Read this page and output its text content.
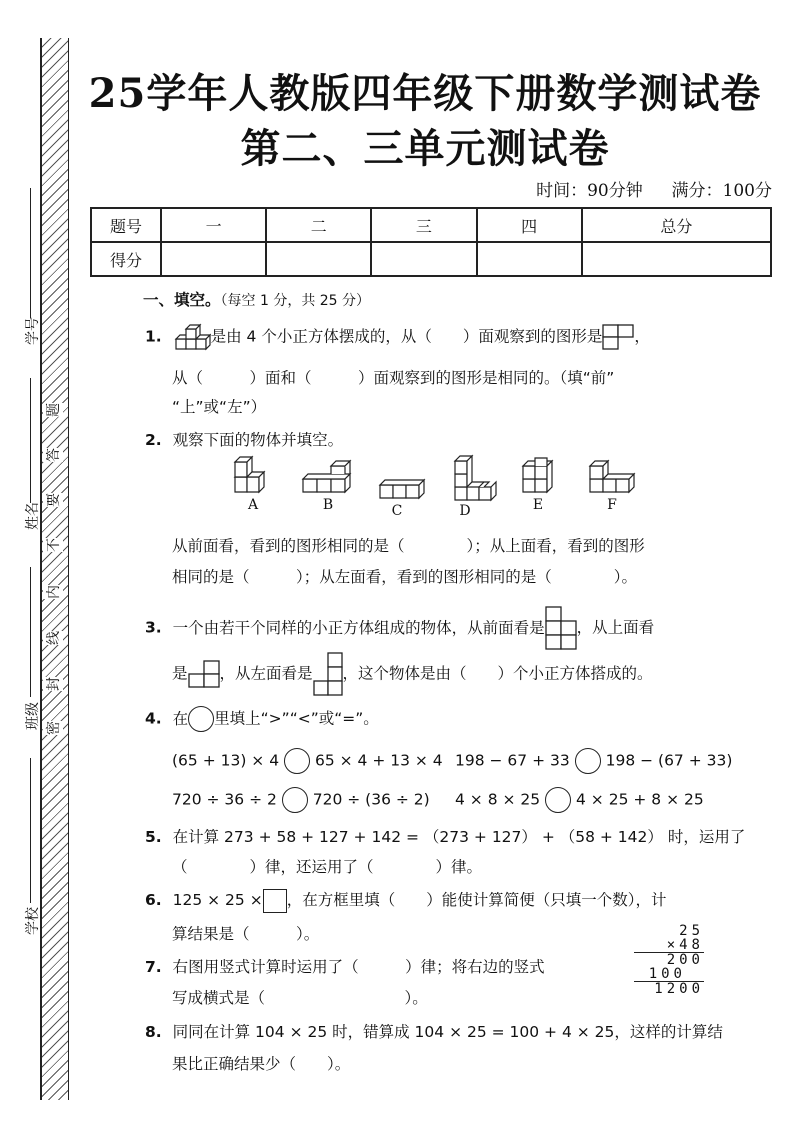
学号
姓名
班级
学校
题
答
要
不
内
线
封
密
25学年人教版四年级下册数学测试卷
第二、三单元测试卷
时间：90分钟 满分：100分
题号	一	二	三	四	总分
得分					
一、填空。（每空 1 分，共 25 分）
1.	是由 4 个小正方体摆成的，从（　　）面观察到的图形是 ，
从（　　　）面和（　　　）面观察到的图形是相同的。（填“前”
“上”或“左”）
2. 观察下面的物体并填空。
A	B	C	D	E	F
从前面看，看到的图形相同的是（　　　　）；从上面看，看到的图形
相同的是（　　　）；从左面看，看到的图形相同的是（　　　　）。
3. 一个由若干个同样的小正方体组成的物体，从前面看是 ，从上面看
是 ，从左面看是 ，这个物体是由（　　）个小正方体搭成的。
4. 在 里填上“>”“<”或“=”。
(65 + 13) × 4 65 × 4 + 13 × 4 198 − 67 + 33 198 − (67 + 33)
720 ÷ 36 ÷ 2 720 ÷ (36 ÷ 2) 4 × 8 × 25 4 × 25 + 8 × 25
5. 在计算 273 + 58 + 127 + 142 = （273 + 127） + （58 + 142） 时，运用了
（　　　　）律，还运用了（　　　　）律。
6. 125 × 25 × ，在方框里填（　　）能使计算简便（只填一个数），计
算结果是（　　　）。
7. 右图用竖式计算时运用了（　　　）律；将右边的竖式
写成横式是（　　　　　　　　　）。
25
×48
200
100
1200
8. 同同在计算 104 × 25 时，错算成 104 × 25 = 100 + 4 × 25，这样的计算结
果比正确结果少（　　）。
